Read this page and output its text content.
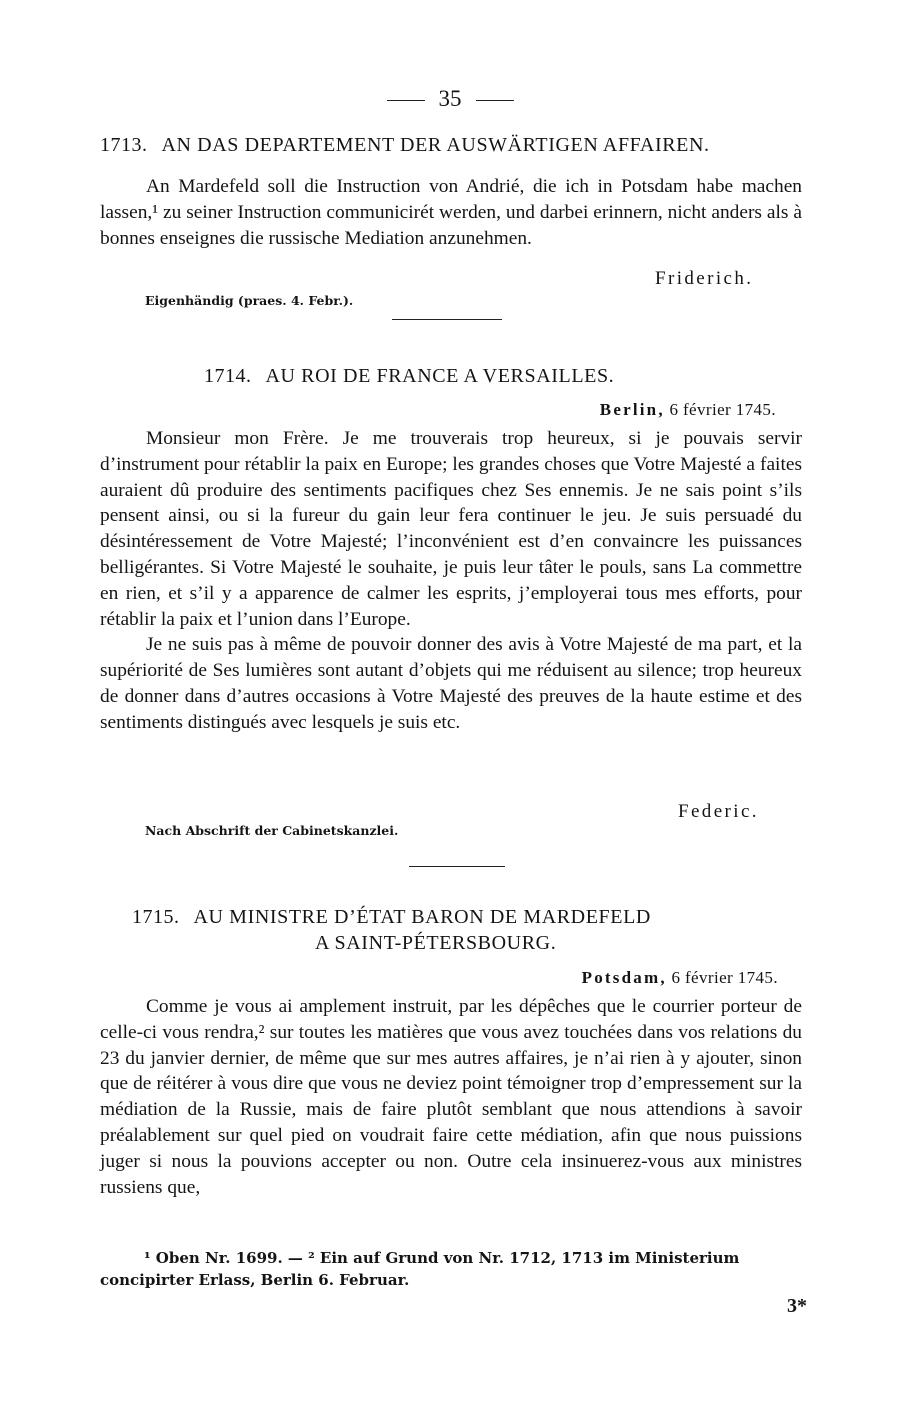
35
1713. AN DAS DEPARTEMENT DER AUSWÄRTIGEN AFFAIREN.

An Mardefeld soll die Instruction von Andrié, die ich in Potsdam habe machen lassen,¹ zu seiner Instruction communicirét werden, und darbei erinnern, nicht anders als à bonnes enseignes die russische Mediation anzunehmen.

Friderich.
Eigenhändig (praes. 4. Febr.).
1714. AU ROI DE FRANCE A VERSAILLES.
Berlin, 6 février 1745.

Monsieur mon Frère. Je me trouverais trop heureux, si je pouvais servir d’instrument pour rétablir la paix en Europe; les grandes choses que Votre Majesté a faites auraient dû produire des sentiments pacifiques chez Ses ennemis. Je ne sais point s’ils pensent ainsi, ou si la fureur du gain leur fera continuer le jeu. Je suis persuadé du désintéressement de Votre Majesté; l’inconvénient est d’en convaincre les puissances belligérantes. Si Votre Majesté le souhaite, je puis leur tâter le pouls, sans La commettre en rien, et s’il y a apparence de calmer les esprits, j’employerai tous mes efforts, pour rétablir la paix et l’union dans l’Europe.

Je ne suis pas à même de pouvoir donner des avis à Votre Majesté de ma part, et la supériorité de Ses lumières sont autant d’objets qui me réduisent au silence; trop heureux de donner dans d’autres occasions à Votre Majesté des preuves de la haute estime et des sentiments distingués avec lesquels je suis etc.

Federic.
Nach Abschrift der Cabinetskanzlei.
1715. AU MINISTRE D’ÉTAT BARON DE MARDEFELD
A SAINT-PÉTERSBOURG.
Potsdam, 6 février 1745.

Comme je vous ai amplement instruit, par les dépêches que le courrier porteur de celle-ci vous rendra,² sur toutes les matières que vous avez touchées dans vos relations du 23 du janvier dernier, de même que sur mes autres affaires, je n’ai rien à y ajouter, sinon que de réitérer à vous dire que vous ne deviez point témoigner trop d’empressement sur la médiation de la Russie, mais de faire plutôt semblant que nous attendions à savoir préalablement sur quel pied on voudrait faire cette médiation, afin que nous puissions juger si nous la pouvions accepter ou non. Outre cela insinuerez-vous aux ministres russiens que,

¹ Oben Nr. 1699. — ² Ein auf Grund von Nr. 1712, 1713 im Ministerium
concipirter Erlass, Berlin 6. Februar.
3*
